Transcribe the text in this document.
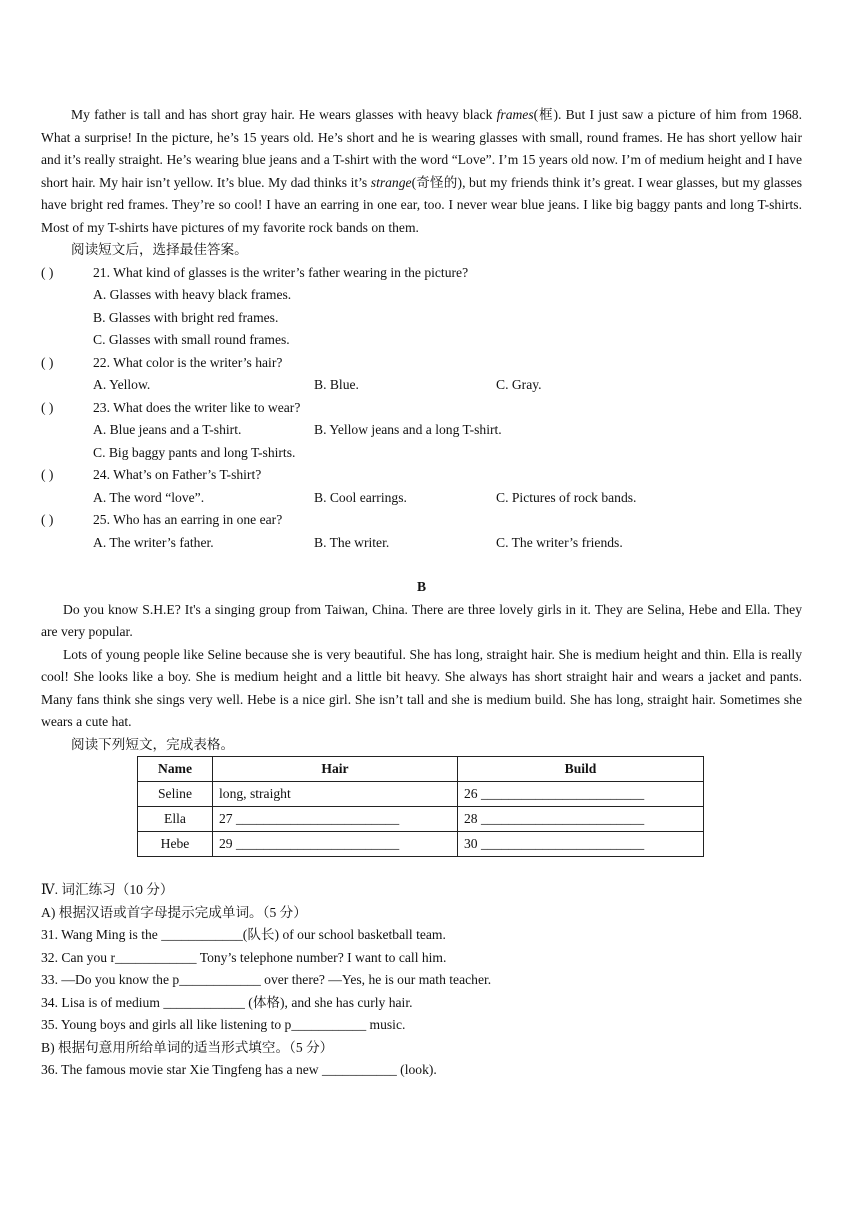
My father is tall and has short gray hair. He wears glasses with heavy black frames(框). But I just saw a picture of him from 1968. What a surprise! In the picture, he’s 15 years old. He’s short and he is wearing glasses with small, round frames. He has short yellow hair and it’s really straight. He’s wearing blue jeans and a T-shirt with the word “Love”. I’m 15 years old now. I’m of medium height and I have short hair. My hair isn’t yellow. It’s blue. My dad thinks it’s strange(奇怪的), but my friends think it’s great. I wear glasses, but my glasses have bright red frames. They’re so cool! I have an earring in one ear, too. I never wear blue jeans. I like big baggy pants and long T-shirts. Most of my T-shirts have pictures of my favorite rock bands on them.

阅读短文后，选择最佳答案。
( )	21. What kind of glasses is the writer’s father wearing in the picture?
A. Glasses with heavy black frames.
B. Glasses with bright red frames.
C. Glasses with small round frames.
( )	22. What color is the writer’s hair?
A. Yellow.	B. Blue.	C. Gray.
( )	23. What does the writer like to wear?
A. Blue jeans and a T-shirt.	B. Yellow jeans and a long T-shirt.
C. Big baggy pants and long T-shirts.
( )	24. What’s on Father’s T-shirt?
A. The word “love”.	B. Cool earrings.	C. Pictures of rock bands.
( )	25. Who has an earring in one ear?
A. The writer’s father.	B. The writer.	C. The writer’s friends.
B

Do you know S.H.E? It's a singing group from Taiwan, China. There are three lovely girls in it. They are Selina, Hebe and Ella. They are very popular.

Lots of young people like Seline because she is very beautiful. She has long, straight hair. She is medium height and thin. Ella is really cool! She looks like a boy. She is medium height and a little bit heavy. She always has short straight hair and wears a jacket and pants. Many fans think she sings very well. Hebe is a nice girl. She isn’t tall and she is medium build. She has long, straight hair. Sometimes she wears a cute hat.

阅读下列短文，完成表格。
Name	Hair	Build
Seline	long, straight	26 ________________________
Ella	27 ________________________	28 ________________________
Hebe	29 ________________________	30 ________________________
Ⅳ. 词汇练习（10 分）
A) 根据汉语或首字母提示完成单词。（5 分）
31. Wang Ming is the ____________(队长) of our school basketball team.
32. Can you r____________ Tony’s telephone number? I want to call him.
33. —Do you know the p____________ over there? —Yes, he is our math teacher.
34. Lisa is of medium ____________ (体格), and she has curly hair.
35. Young boys and girls all like listening to p___________ music.
B) 根据句意用所给单词的适当形式填空。（5 分）
36. The famous movie star Xie Tingfeng has a new ___________ (look).
